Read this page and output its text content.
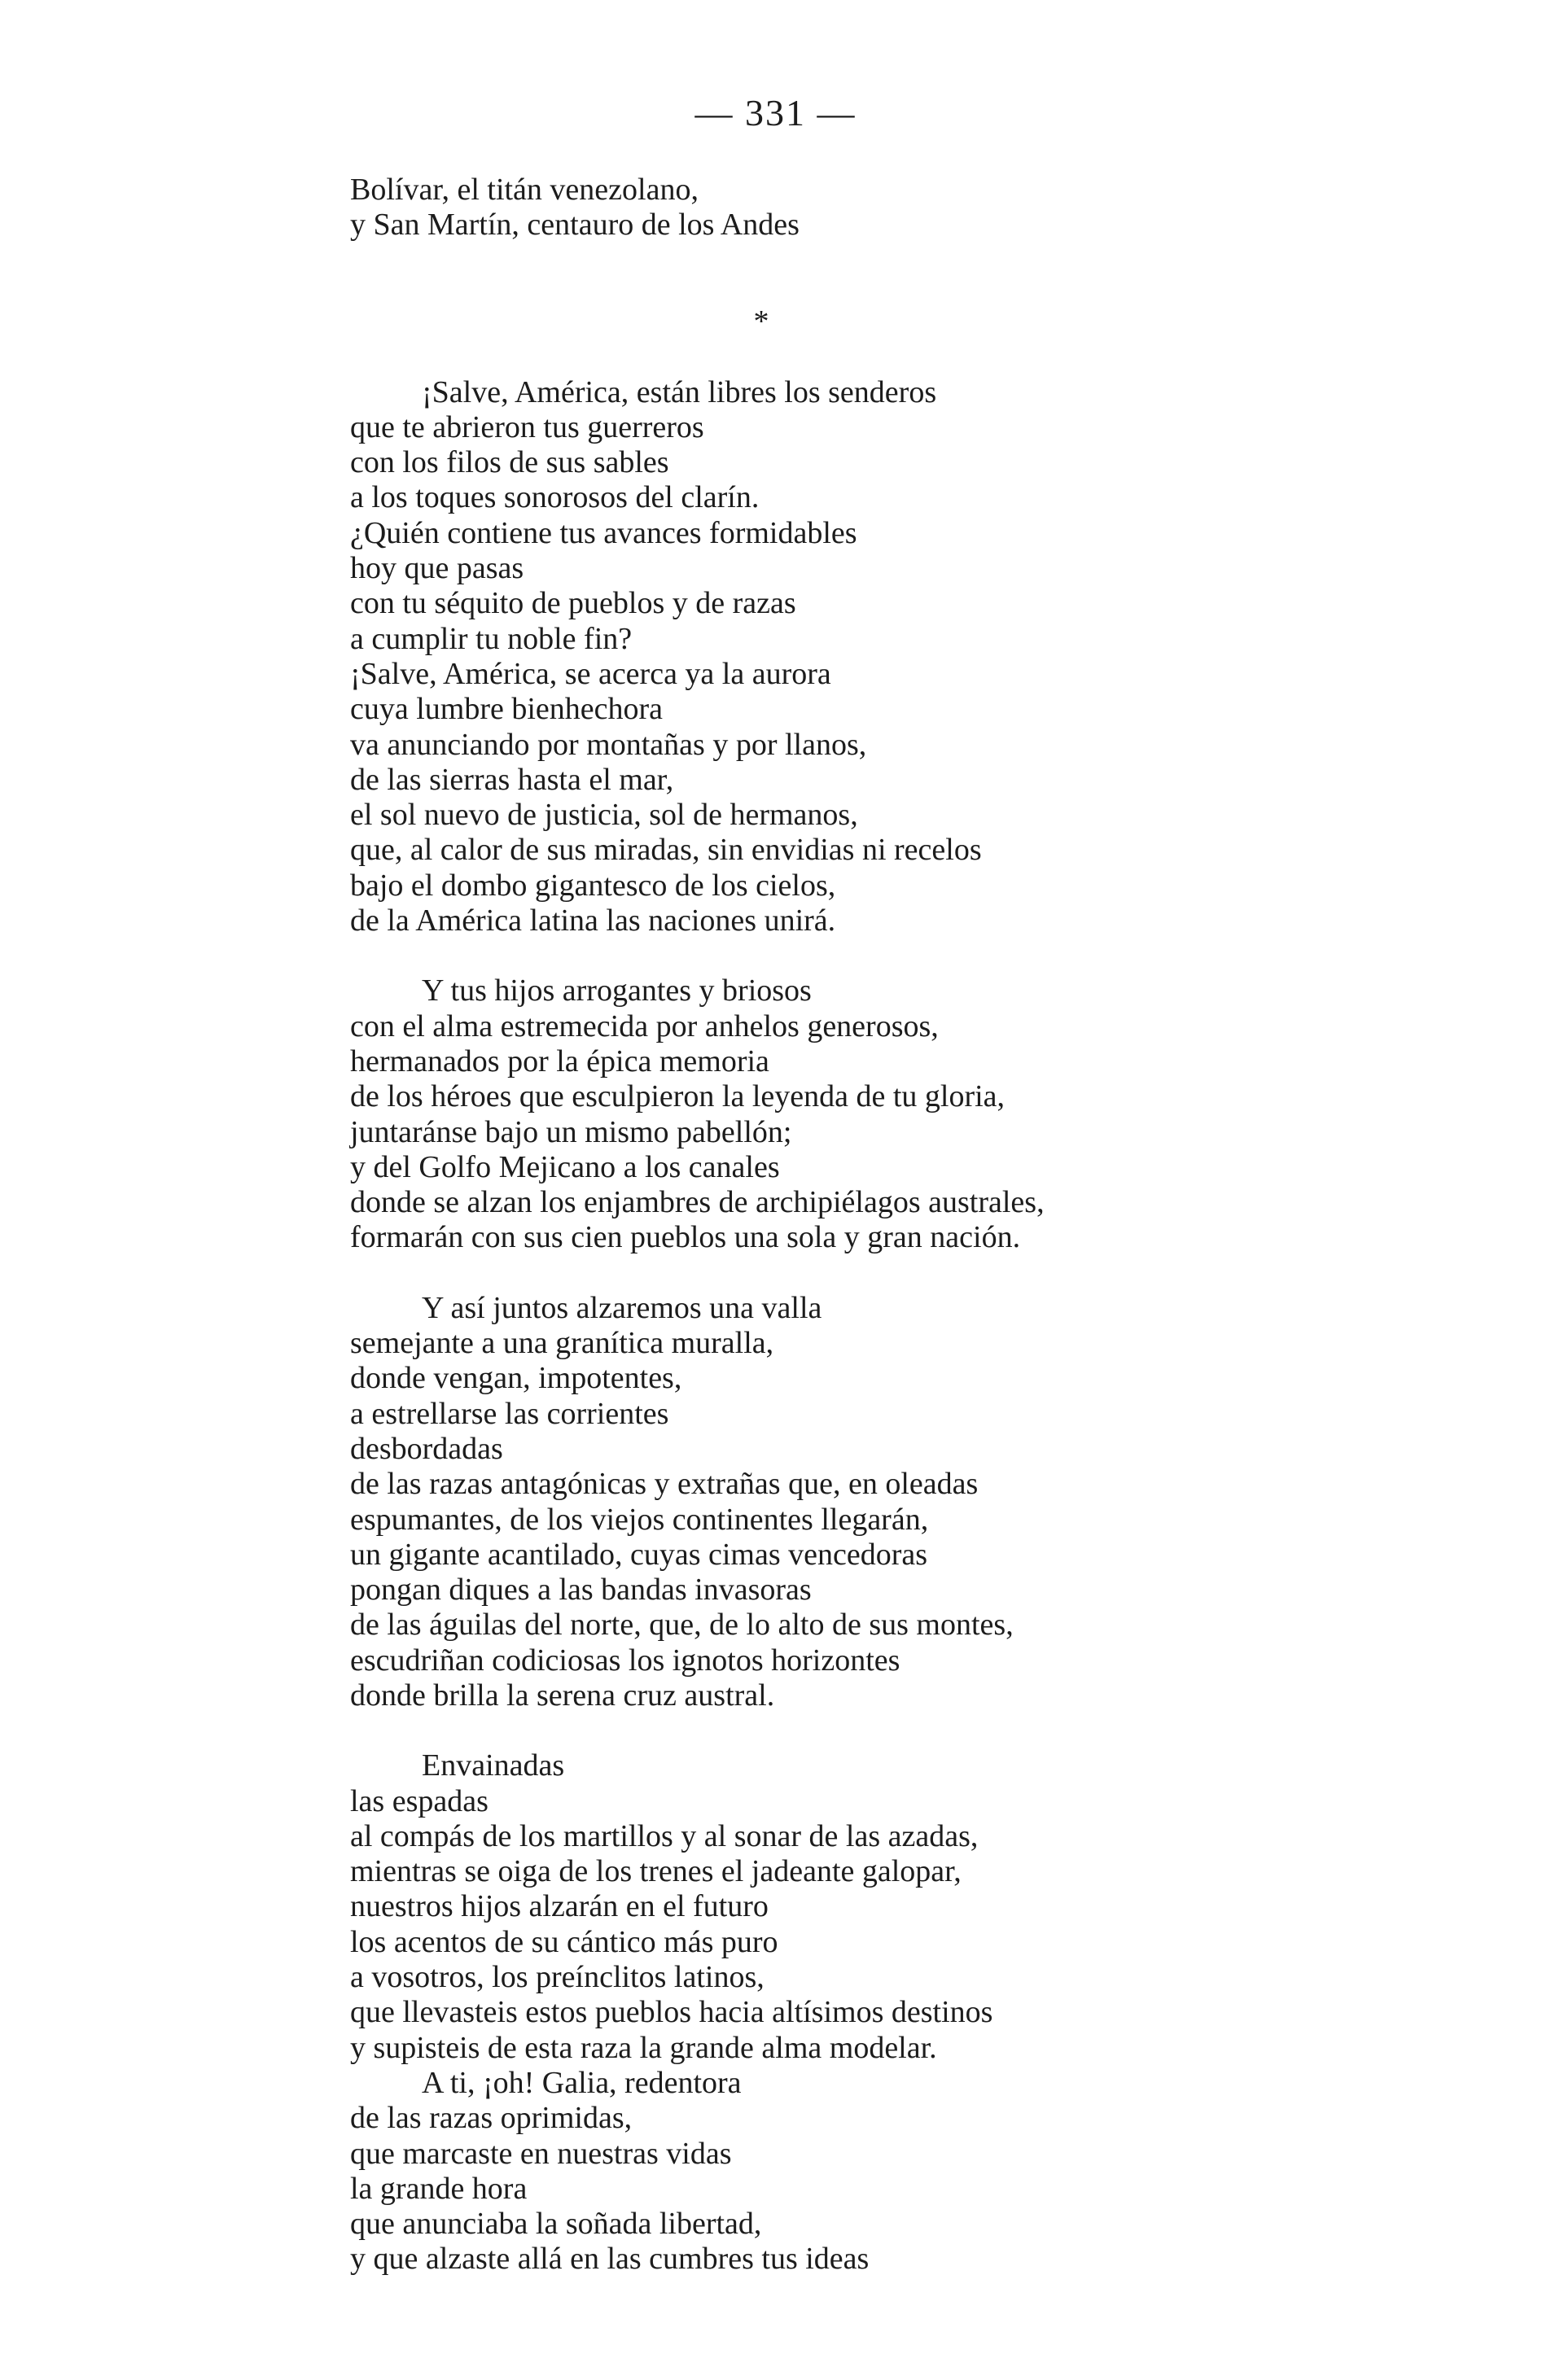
— 331 —
Bolívar, el titán venezolano,
y San Martín, centauro de los Andes
*
¡Salve, América, están libres los senderos
que te abrieron tus guerreros
con los filos de sus sables
a los toques sonorosos del clarín.
¿Quién contiene tus avances formidables
hoy que pasas
con tu séquito de pueblos y de razas
a cumplir tu noble fin?
¡Salve, América, se acerca ya la aurora
cuya lumbre bienhechora
va anunciando por montañas y por llanos,
de las sierras hasta el mar,
el sol nuevo de justicia, sol de hermanos,
que, al calor de sus miradas, sin envidias ni recelos
bajo el dombo gigantesco de los cielos,
de la América latina las naciones unirá.
Y tus hijos arrogantes y briosos
con el alma estremecida por anhelos generosos,
hermanados por la épica memoria
de los héroes que esculpieron la leyenda de tu gloria,
juntaránse bajo un mismo pabellón;
y del Golfo Mejicano a los canales
donde se alzan los enjambres de archipiélagos australes,
formarán con sus cien pueblos una sola y gran nación.
Y así juntos alzaremos una valla
semejante a una granítica muralla,
donde vengan, impotentes,
a estrellarse las corrientes
desbordadas
de las razas antagónicas y extrañas que, en oleadas
espumantes, de los viejos continentes llegarán,
un gigante acantilado, cuyas cimas vencedoras
pongan diques a las bandas invasoras
de las águilas del norte, que, de lo alto de sus montes,
escudriñan codiciosas los ignotos horizontes
donde brilla la serena cruz austral.
Envainadas
las espadas
al compás de los martillos y al sonar de las azadas,
mientras se oiga de los trenes el jadeante galopar,
nuestros hijos alzarán en el futuro
los acentos de su cántico más puro
a vosotros, los preínclitos latinos,
que llevasteis estos pueblos hacia altísimos destinos
y supisteis de esta raza la grande alma modelar.
A ti, ¡oh! Galia, redentora
de las razas oprimidas,
que marcaste en nuestras vidas
la grande hora
que anunciaba la soñada libertad,
y que alzaste allá en las cumbres tus ideas
